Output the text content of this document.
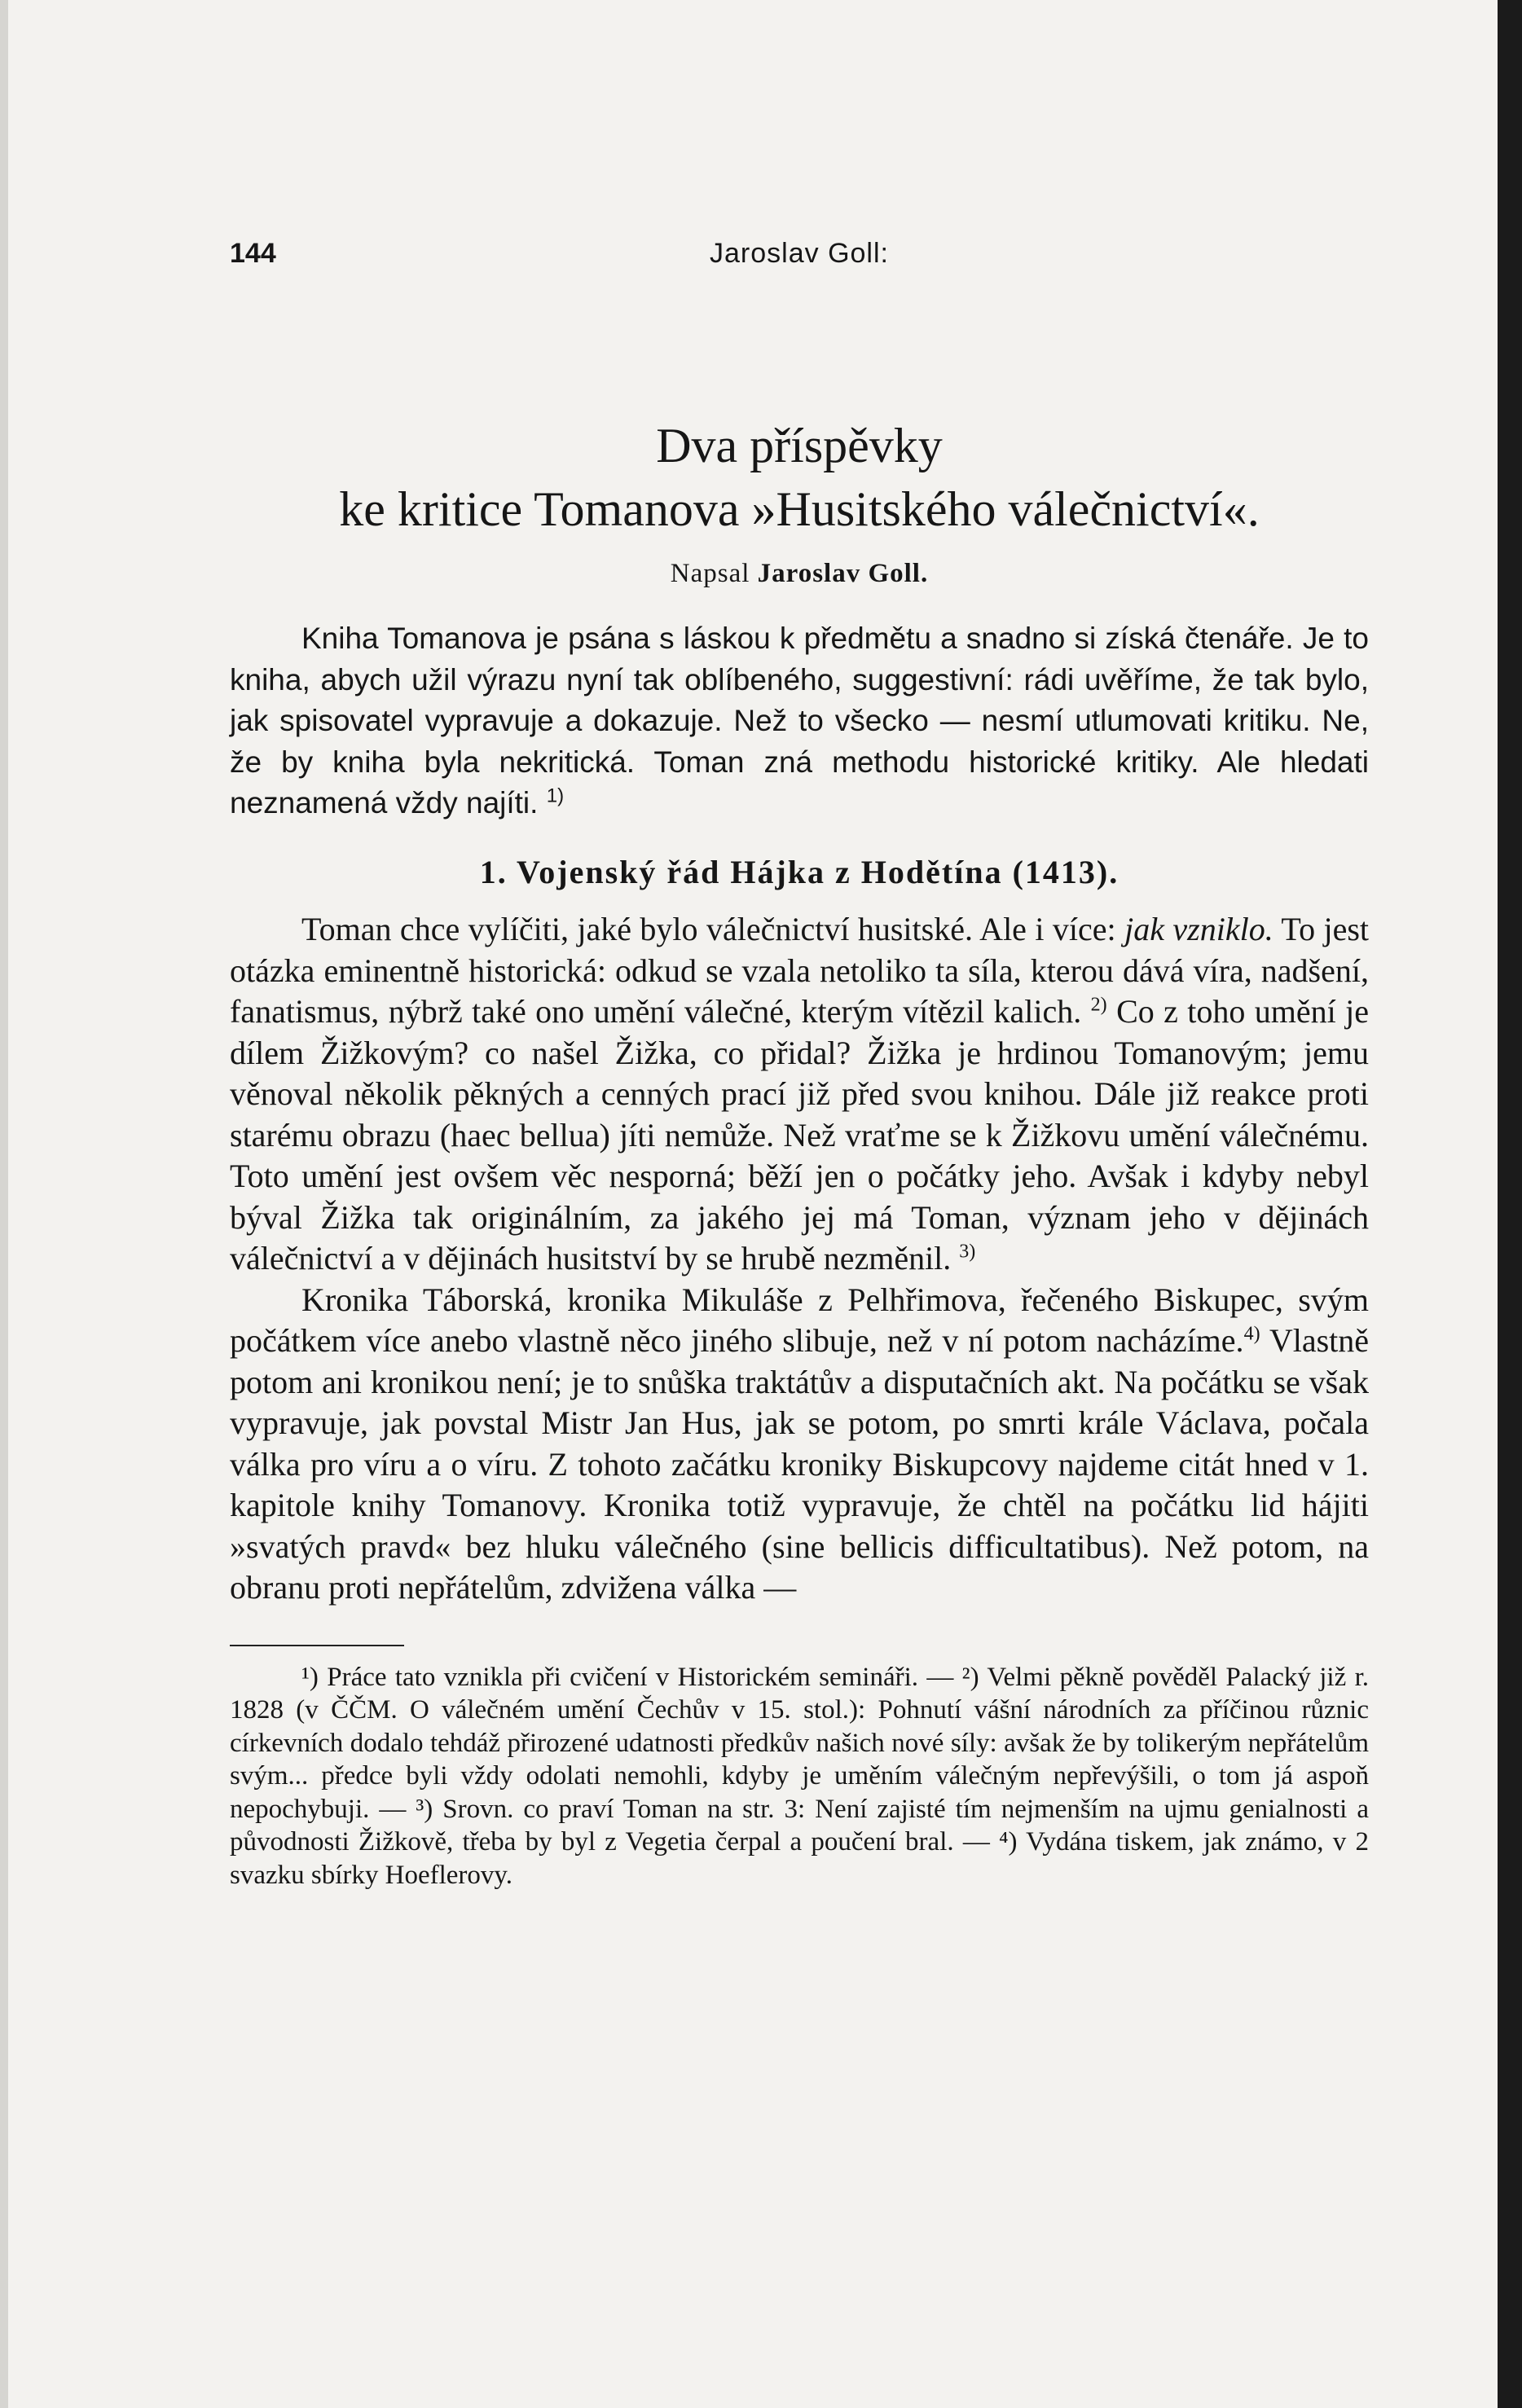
144	Jaroslav Goll:
Dva příspěvky
ke kritice Tomanova »Husitského válečnictví«.
Napsal Jaroslav Goll.

Kniha Tomanova je psána s láskou k předmětu a snadno si získá čtenáře. Je to kniha, abych užil výrazu nyní tak oblíbeného, suggestivní: rádi uvěříme, že tak bylo, jak spisovatel vypravuje a dokazuje. Než to všecko — nesmí utlumovati kritiku. Ne, že by kniha byla nekritická. Toman zná methodu historické kritiky. Ale hledati neznamená vždy najíti. $^{1)}$

1. Vojenský řád Hájka z Hodětína (1413).

Toman chce vylíčiti, jaké bylo válečnictví husitské. Ale i více: jak vzniklo. To jest otázka eminentně historická: odkud se vzala netoliko ta síla, kterou dává víra, nadšení, fanatismus, nýbrž také ono umění válečné, kterým vítězil kalich. $^{2)}$ Co z toho umění je dílem Žižkovým? co našel Žižka, co přidal? Žižka je hrdinou Tomanovým; jemu věnoval několik pěkných a cenných prací již před svou knihou. Dále již reakce proti starému obrazu (haec bellua) jíti nemůže. Než vraťme se k Žižkovu umění válečnému. Toto umění jest ovšem věc nesporná; běží jen o počátky jeho. Avšak i kdyby nebyl býval Žižka tak originálním, za jakého jej má Toman, význam jeho v dějinách válečnictví a v dějinách husitství by se hrubě nezměnil. $^{3)}$

Kronika Táborská, kronika Mikuláše z Pelhřimova, řečeného Biskupec, svým počátkem více anebo vlastně něco jiného slibuje, než v ní potom nacházíme.$^{4)}$ Vlastně potom ani kronikou není; je to snůška traktátův a disputačních akt. Na počátku se však vypravuje, jak povstal Mistr Jan Hus, jak se potom, po smrti krále Václava, počala válka pro víru a o víru. Z tohoto začátku kroniky Biskupcovy najdeme citát hned v 1. kapitole knihy Tomanovy. Kronika totiž vypravuje, že chtěl na počátku lid hájiti »svatých pravd« bez hluku válečného (sine bellicis difficultatibus). Než potom, na obranu proti nepřátelům, zdvižena válka —

¹) Práce tato vznikla při cvičení v Historickém semináři. — ²) Velmi pěkně pověděl Palacký již r. 1828 (v ČČM. O válečném umění Čechův v 15. stol.): Pohnutí vášní národních za příčinou různic církevních dodalo tehdáž přirozené udatnosti předkův našich nové síly: avšak že by tolikerým nepřátelům svým... předce byli vždy odolati nemohli, kdyby je uměním válečným nepřevýšili, o tom já aspoň nepochybuji. — ³) Srovn. co praví Toman na str. 3: Není zajisté tím nejmenším na ujmu genialnosti a původnosti Žižkově, třeba by byl z Vegetia čerpal a poučení bral. — ⁴) Vydána tiskem, jak známo, v 2 svazku sbírky Hoeflerovy.
